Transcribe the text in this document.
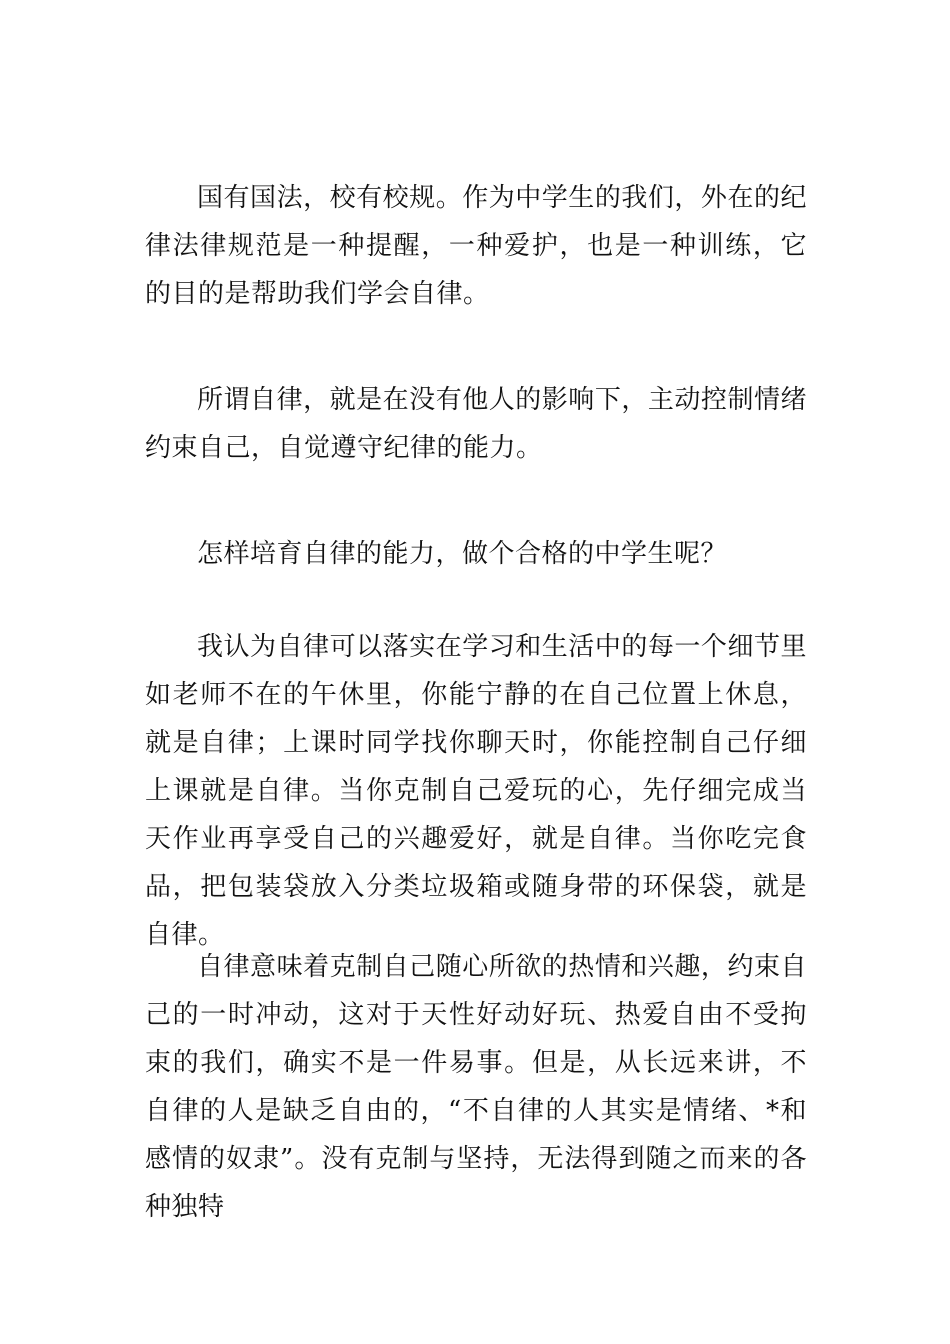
国有国法，校有校规。作为中学生的我们，外在的纪律法律规范是一种提醒，一种爱护，也是一种训练，它的目的是帮助我们学会自律。

所谓自律，就是在没有他人的影响下，主动控制情绪约束自己，自觉遵守纪律的能力。

怎样培育自律的能力，做个合格的中学生呢？

我认为自律可以落实在学习和生活中的每一个细节里如老师不在的午休里，你能宁静的在自己位置上休息，就是自律；上课时同学找你聊天时，你能控制自己仔细上课就是自律。当你克制自己爱玩的心，先仔细完成当天作业再享受自己的兴趣爱好，就是自律。当你吃完食品，把包装袋放入分类垃圾箱或随身带的环保袋，就是自律。

自律意味着克制自己随心所欲的热情和兴趣，约束自己的一时冲动，这对于天性好动好玩、热爱自由不受拘束的我们，确实不是一件易事。但是，从长远来讲，不自律的人是缺乏自由的，“不自律的人其实是情绪、*和感情的奴隶”。没有克制与坚持，无法得到随之而来的各种独特
